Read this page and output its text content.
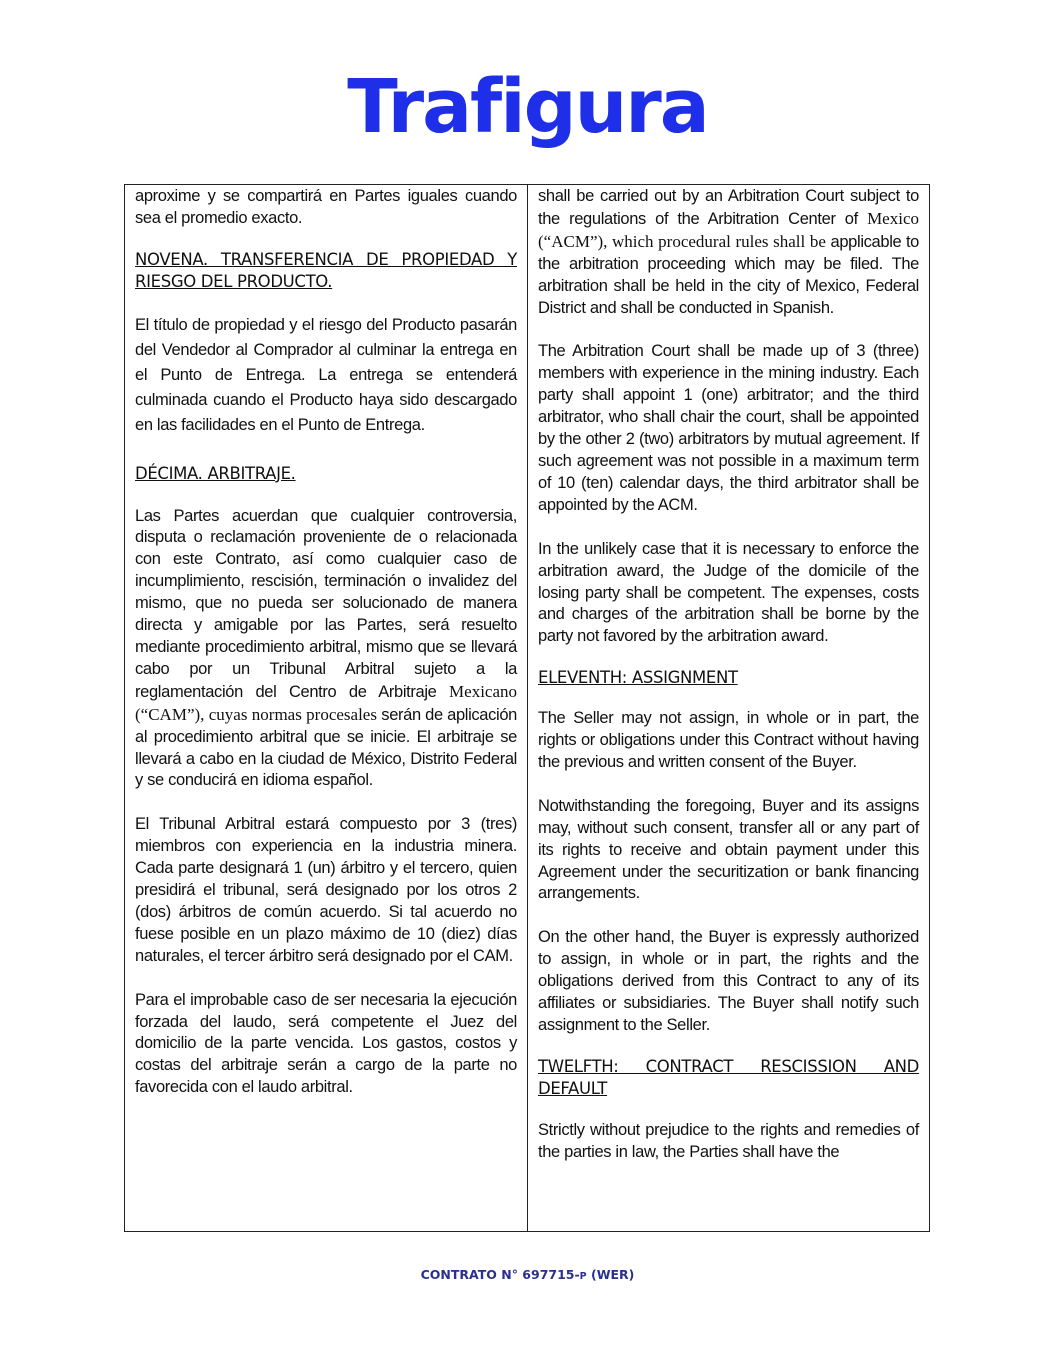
Trafigura

aproxime y se compartirá en Partes iguales cuando sea el promedio exacto.

NOVENA. TRANSFERENCIA DE PROPIEDAD Y RIESGO DEL PRODUCTO.

El título de propiedad y el riesgo del Producto pasarán del Vendedor al Comprador al culminar la entrega en el Punto de Entrega. La entrega se entenderá culminada cuando el Producto haya sido descargado en las facilidades en el Punto de Entrega.

DÉCIMA. ARBITRAJE.

Las Partes acuerdan que cualquier controversia, disputa o reclamación proveniente de o relacionada con este Contrato, así como cualquier caso de incumplimiento, rescisión, terminación o invalidez del mismo, que no pueda ser solucionado de manera directa y amigable por las Partes, será resuelto mediante procedimiento arbitral, mismo que se llevará cabo por un Tribunal Arbitral sujeto a la reglamentación del Centro de Arbitraje Mexicano (“CAM”), cuyas normas procesales serán de aplicación al procedimiento arbitral que se inicie. El arbitraje se llevará a cabo en la ciudad de México, Distrito Federal y se conducirá en idioma español.

El Tribunal Arbitral estará compuesto por 3 (tres) miembros con experiencia en la industria minera. Cada parte designará 1 (un) árbitro y el tercero, quien presidirá el tribunal, será designado por los otros 2 (dos) árbitros de común acuerdo. Si tal acuerdo no fuese posible en un plazo máximo de 10 (diez) días naturales, el tercer árbitro será designado por el CAM.

Para el improbable caso de ser necesaria la ejecución forzada del laudo, será competente el Juez del domicilio de la parte vencida. Los gastos, costos y costas del arbitraje serán a cargo de la parte no favorecida con el laudo arbitral.

shall be carried out by an Arbitration Court subject to the regulations of the Arbitration Center of Mexico (“ACM”), which procedural rules shall be applicable to the arbitration proceeding which may be filed. The arbitration shall be held in the city of Mexico, Federal District and shall be conducted in Spanish.

The Arbitration Court shall be made up of 3 (three) members with experience in the mining industry. Each party shall appoint 1 (one) arbitrator; and the third arbitrator, who shall chair the court, shall be appointed by the other 2 (two) arbitrators by mutual agreement. If such agreement was not possible in a maximum term of 10 (ten) calendar days, the third arbitrator shall be appointed by the ACM.

In the unlikely case that it is necessary to enforce the arbitration award, the Judge of the domicile of the losing party shall be competent. The expenses, costs and charges of the arbitration shall be borne by the party not favored by the arbitration award.

ELEVENTH: ASSIGNMENT

The Seller may not assign, in whole or in part, the rights or obligations under this Contract without having the previous and written consent of the Buyer.

Notwithstanding the foregoing, Buyer and its assigns may, without such consent, transfer all or any part of its rights to receive and obtain payment under this Agreement under the securitization or bank financing arrangements.

On the other hand, the Buyer is expressly authorized to assign, in whole or in part, the rights and the obligations derived from this Contract to any of its affiliates or subsidiaries. The Buyer shall notify such assignment to the Seller.

TWELFTH: CONTRACT RESCISSION AND DEFAULT

Strictly without prejudice to the rights and remedies of the parties in law, the Parties shall have the

CONTRATO N° 697715-P (WER)
